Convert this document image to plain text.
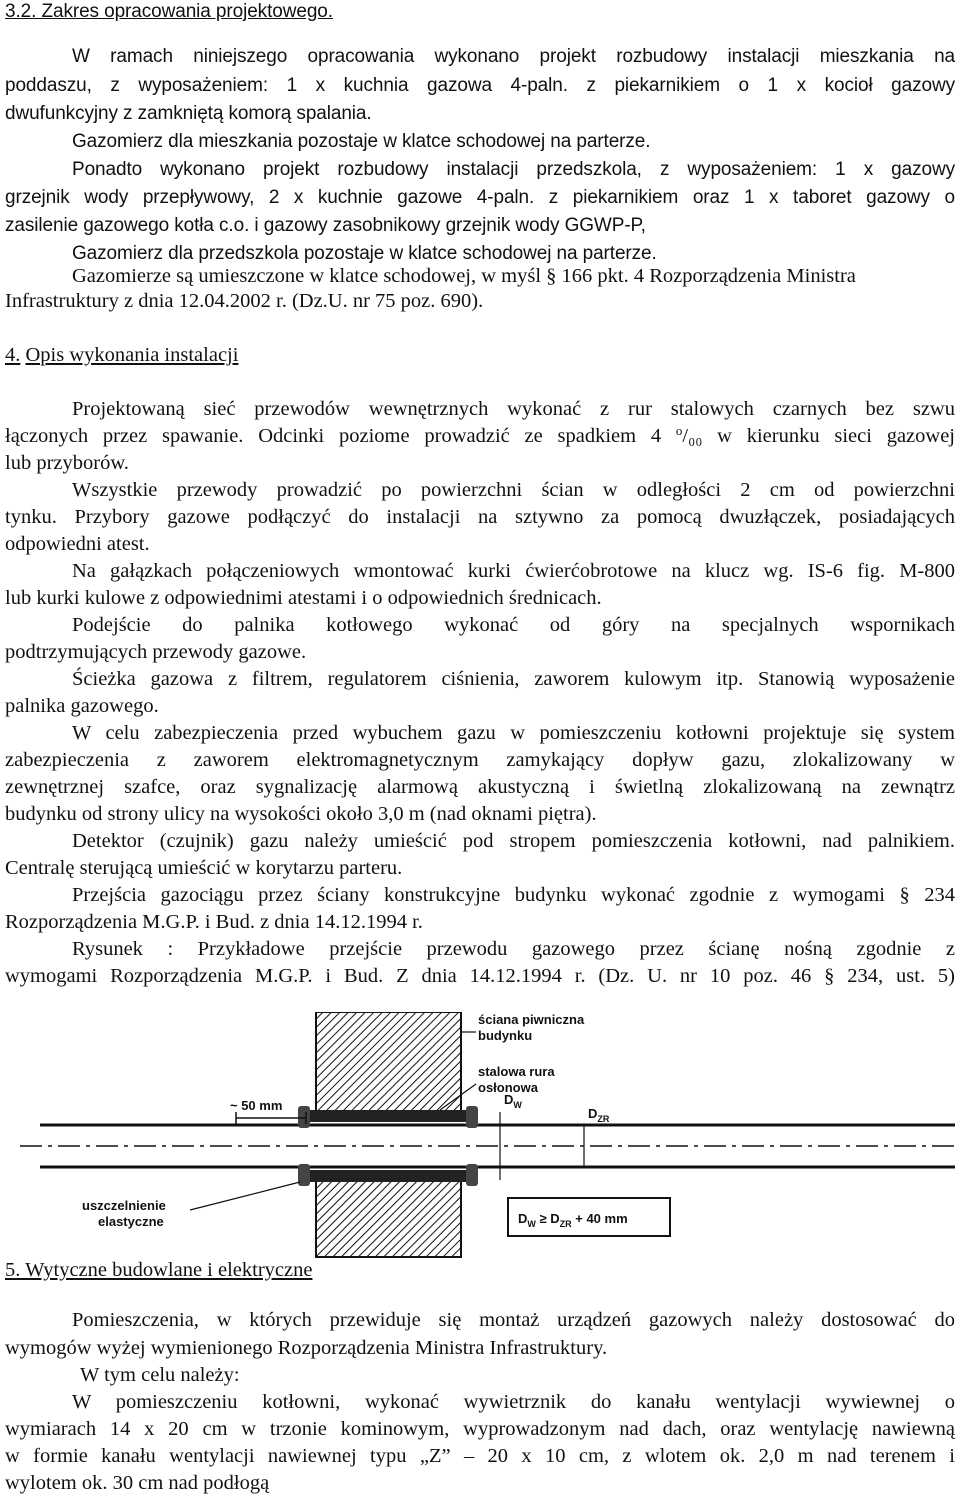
3.2. Zakres opracowania projektowego.
W ramach niniejszego opracowania wykonano projekt rozbudowy instalacji mieszkania na
poddaszu, z wyposażeniem: 1 x kuchnia gazowa 4-paln. z piekarnikiem o 1 x kocioł gazowy
dwufunkcyjny z zamkniętą komorą spalania.
Gazomierz dla mieszkania pozostaje w klatce schodowej na parterze.
Ponadto wykonano projekt rozbudowy instalacji przedszkola, z wyposażeniem: 1 x gazowy
grzejnik wody przepływowy, 2 x kuchnie gazowe 4-paln. z piekarnikiem oraz 1 x taboret gazowy o
zasilenie gazowego kotła c.o. i gazowy zasobnikowy grzejnik wody GGWP-P,
Gazomierz dla przedszkola pozostaje w klatce schodowej na parterze.
Gazomierze są umieszczone w klatce schodowej, w myśl § 166 pkt. 4 Rozporządzenia Ministra
Infrastruktury z dnia 12.04.2002 r. (Dz.U. nr 75 poz. 690).
4. Opis wykonania instalacji
Projektowaną sieć przewodów wewnętrznych wykonać z rur stalowych czarnych bez szwu
łączonych przez spawanie. Odcinki poziome prowadzić ze spadkiem 4 $^o$/₀₀ w kierunku sieci gazowej
lub przyborów.
Wszystkie przewody prowadzić po powierzchni ścian w odległości 2 cm od powierzchni
tynku. Przybory gazowe podłączyć do instalacji na sztywno za pomocą dwuzłączek, posiadających
odpowiedni atest.
Na gałązkach połączeniowych wmontować kurki ćwierćobrotowe na klucz wg. IS-6 fig. M-800
lub kurki kulowe z odpowiednimi atestami i o odpowiednich średnicach.
Podejście do palnika kotłowego wykonać od góry na specjalnych wspornikach
podtrzymujących przewody gazowe.
Ścieżka gazowa z filtrem, regulatorem ciśnienia, zaworem kulowym itp. Stanowią wyposażenie
palnika gazowego.
W celu zabezpieczenia przed wybuchem gazu w pomieszczeniu kotłowni projektuje się system
zabezpieczenia z zaworem elektromagnetycznym zamykający dopływ gazu, zlokalizowany w
zewnętrznej szafce, oraz sygnalizację alarmową akustyczną i świetlną zlokalizowaną na zewnątrz
budynku od strony ulicy na wysokości około 3,0 m (nad oknami piętra).
Detektor (czujnik) gazu należy umieścić pod stropem pomieszczenia kotłowni, nad palnikiem.
Centralę sterującą umieścić w korytarzu parteru.
Przejścia gazociągu przez ściany konstrukcyjne budynku wykonać zgodnie z wymogami § 234
Rozporządzenia M.G.P. i Bud. z dnia 14.12.1994 r.
Rysunek : Przykładowe przejście przewodu gazowego przez ścianę nośną zgodnie z
wymogami Rozporządzenia M.G.P. i Bud. Z dnia 14.12.1994 r. (Dz. U. nr 10 poz. 46 § 234, ust. 5)
~ 50 mm
ściana piwniczna
budynku
stalowa rura
osłonowa
$D_W$
$D_{ZR}$
uszczelnienie
elastyczne	$D_W \ge D_{ZR} + 40$ mm
5. Wytyczne budowlane i elektryczne
Pomieszczenia, w których przewiduje się montaż urządzeń gazowych należy dostosować do
wymogów wyżej wymienionego Rozporządzenia Ministra Infrastruktury.
W tym celu należy:
W pomieszczeniu kotłowni, wykonać wywietrznik do kanału wentylacji wywiewnej o
wymiarach 14 x 20 cm w trzonie kominowym, wyprowadzonym nad dach, oraz wentylację nawiewną
w formie kanału wentylacji nawiewnej typu „Z” – 20 x 10 cm, z wlotem ok. 2,0 m nad terenem i
wylotem ok. 30 cm nad podłogą
